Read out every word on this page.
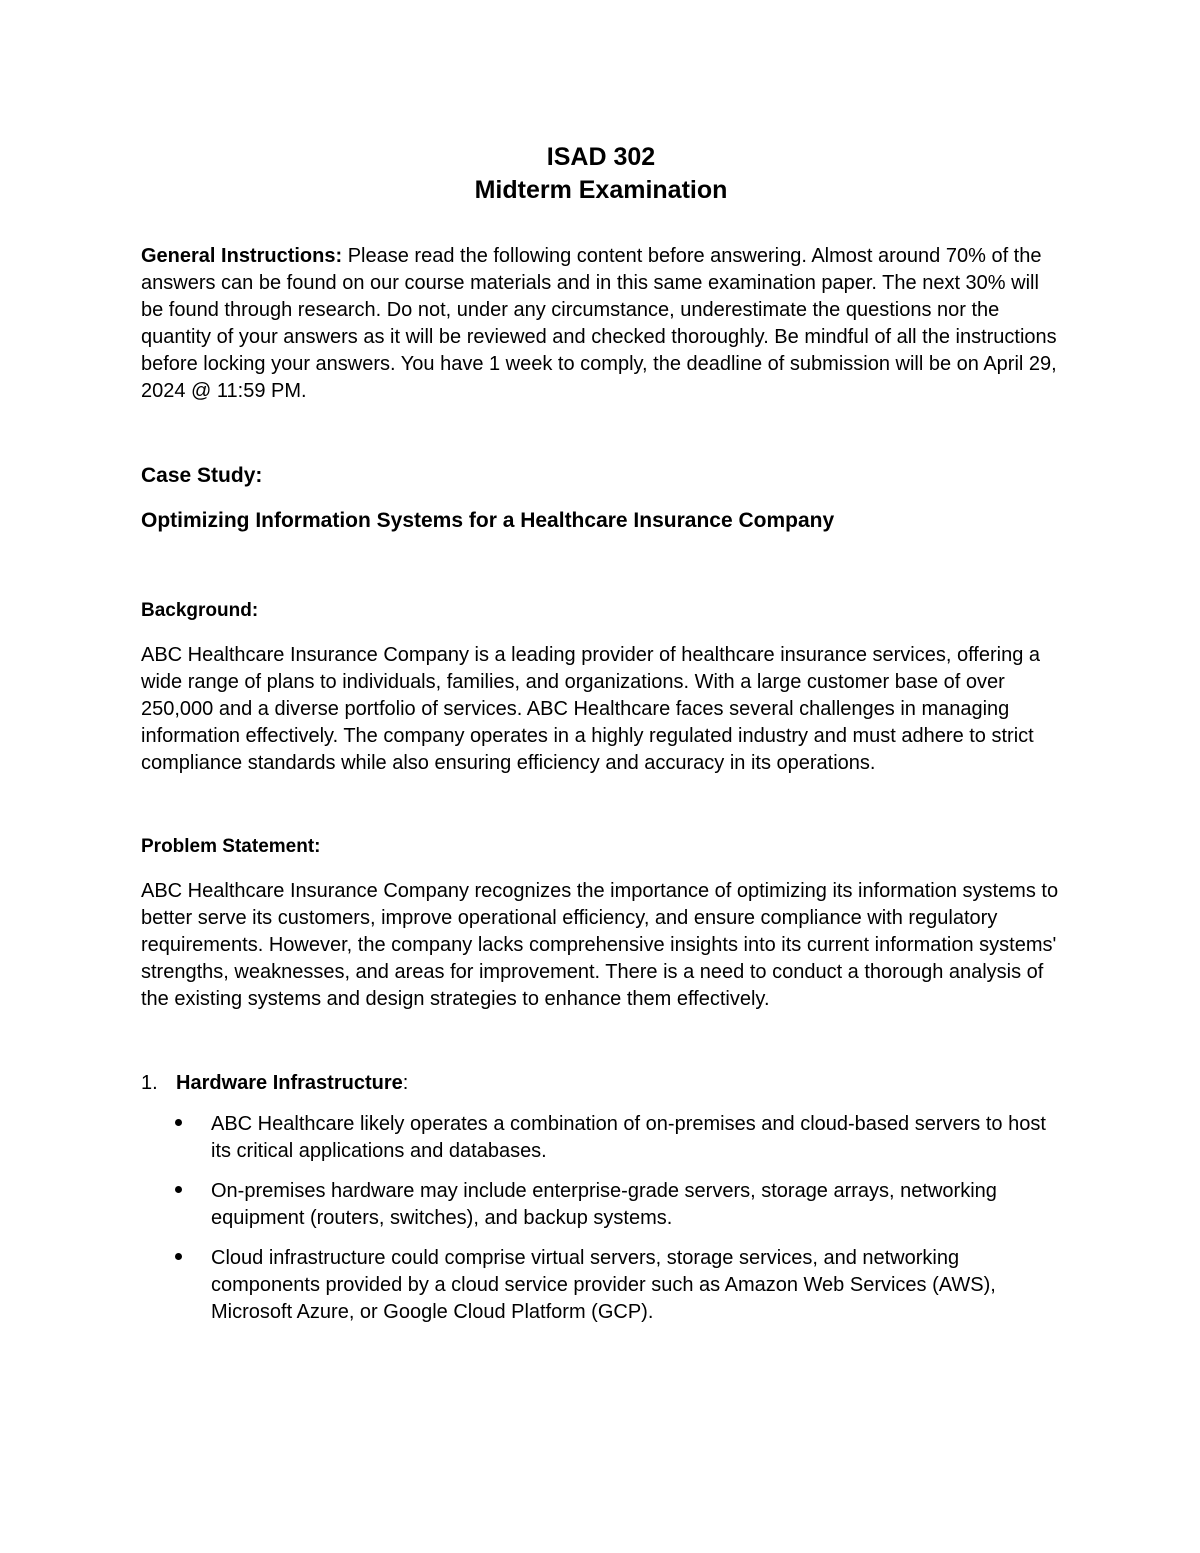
ISAD 302
Midterm Examination

General Instructions: Please read the following content before answering. Almost around 70% of the answers can be found on our course materials and in this same examination paper. The next 30% will be found through research. Do not, under any circumstance, underestimate the questions nor the quantity of your answers as it will be reviewed and checked thoroughly. Be mindful of all the instructions before locking your answers. You have 1 week to comply, the deadline of submission will be on April 29, 2024 @ 11:59 PM.

Case Study:

Optimizing Information Systems for a Healthcare Insurance Company

Background:

ABC Healthcare Insurance Company is a leading provider of healthcare insurance services, offering a wide range of plans to individuals, families, and organizations. With a large customer base of over 250,000 and a diverse portfolio of services. ABC Healthcare faces several challenges in managing information effectively. The company operates in a highly regulated industry and must adhere to strict compliance standards while also ensuring efficiency and accuracy in its operations.

Problem Statement:

ABC Healthcare Insurance Company recognizes the importance of optimizing its information systems to better serve its customers, improve operational efficiency, and ensure compliance with regulatory requirements. However, the company lacks comprehensive insights into its current information systems' strengths, weaknesses, and areas for improvement. There is a need to conduct a thorough analysis of the existing systems and design strategies to enhance them effectively.

1. Hardware Infrastructure:
ABC Healthcare likely operates a combination of on-premises and cloud-based servers to host its critical applications and databases.
On-premises hardware may include enterprise-grade servers, storage arrays, networking equipment (routers, switches), and backup systems.
Cloud infrastructure could comprise virtual servers, storage services, and networking components provided by a cloud service provider such as Amazon Web Services (AWS), Microsoft Azure, or Google Cloud Platform (GCP).
